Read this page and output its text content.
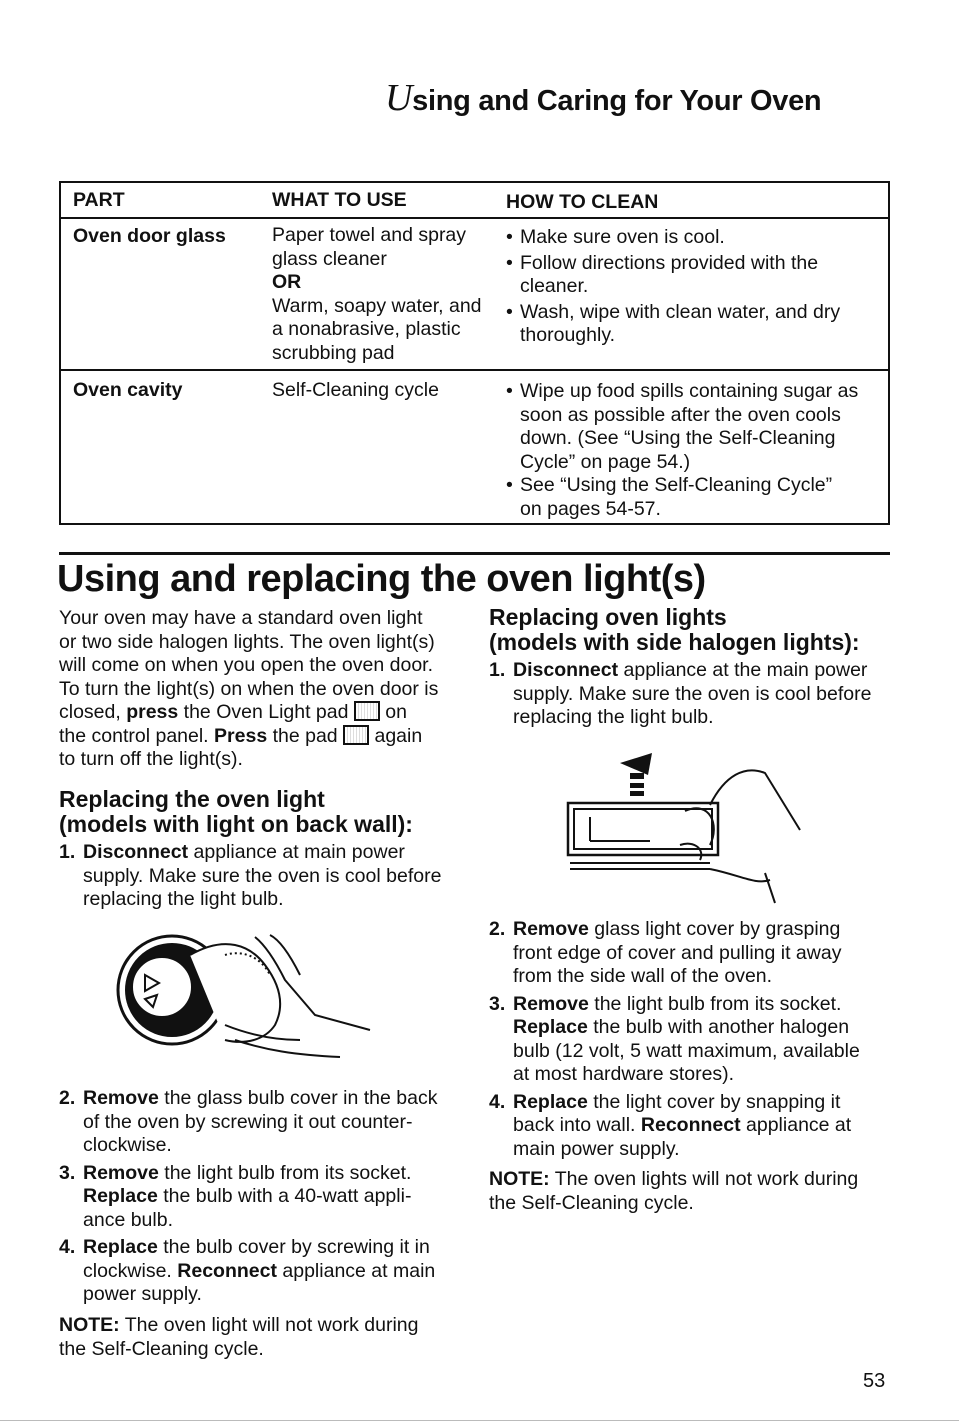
Using and Caring for Your Oven
PART	WHAT TO USE	HOW TO CLEAN
Oven door glass Paper towel and spray
glass cleaner
OR
Warm, soapy water, and
a nonabrasive, plastic
scrubbing pad
• Make sure oven is cool.
• Follow directions provided with the
cleaner.
• Wash, wipe with clean water, and dry
thoroughly.
Oven cavity	Self-Cleaning cycle
•	Wipe up food spills containing sugar as
soon as possible after the oven cools
down. (See “Using the Self-Cleaning
Cycle” on page 54.)
• See “Using the Self-Cleaning Cycle”
on pages 54-57.
Using and replacing the oven light(s)
Your oven may have a standard oven light
or two side halogen lights. The oven light(s)
will come on when you open the oven door.
To turn the light(s) on when the oven door is
closed, press the Oven Light pad  on
the control panel. Press the pad  again
to turn off the light(s).
Replacing the oven light
(models with light on back wall):
1. Disconnect appliance at main power
supply. Make sure the oven is cool before
replacing the light bulb.
2. Remove the glass bulb cover in the back
of the oven by screwing it out counter-
clockwise.
3. Remove the light bulb from its socket.
Replace the bulb with a 40-watt appli-
ance bulb.
4. Replace the bulb cover by screwing it in
clockwise. Reconnect appliance at main
power supply.
NOTE: The oven light will not work during
the Self-Cleaning cycle.
Replacing oven lights
(models with side halogen lights):
1. Disconnect appliance at the main power
supply. Make sure the oven is cool before
replacing the light bulb.
2. Remove glass light cover by grasping
front edge of cover and pulling it away
from the side wall of the oven.
3. Remove the light bulb from its socket.
Replace the bulb with another halogen
bulb (12 volt, 5 watt maximum, available
at most hardware stores).
4. Replace the light cover by snapping it
back into wall. Reconnect appliance at
main power supply.
NOTE: The oven lights will not work during
the Self-Cleaning cycle.
53
